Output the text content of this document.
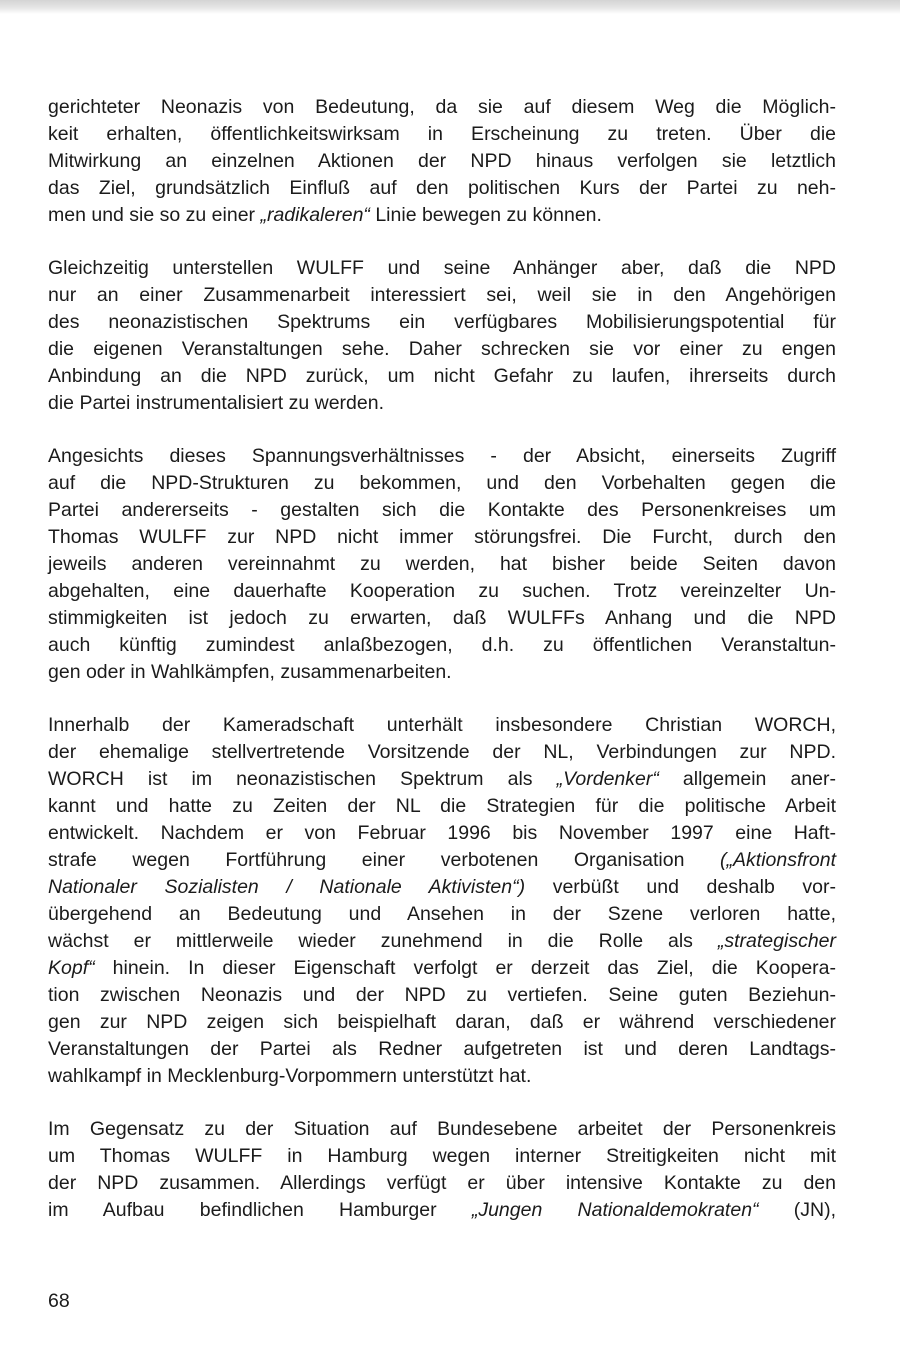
gerichteter Neonazis von Bedeutung, da sie auf diesem Weg die Möglich-
keit erhalten, öffentlichkeitswirksam in Erscheinung zu treten. Über die
Mitwirkung an einzelnen Aktionen der NPD hinaus verfolgen sie letztlich
das Ziel, grundsätzlich Einfluß auf den politischen Kurs der Partei zu neh-
men und sie so zu einer „radikaleren“ Linie bewegen zu können.
Gleichzeitig unterstellen WULFF und seine Anhänger aber, daß die NPD
nur an einer Zusammenarbeit interessiert sei, weil sie in den Angehörigen
des neonazistischen Spektrums ein verfügbares Mobilisierungspotential für
die eigenen Veranstaltungen sehe. Daher schrecken sie vor einer zu engen
Anbindung an die NPD zurück, um nicht Gefahr zu laufen, ihrerseits durch
die Partei instrumentalisiert zu werden.
Angesichts dieses Spannungsverhältnisses - der Absicht, einerseits Zugriff
auf die NPD-Strukturen zu bekommen, und den Vorbehalten gegen die
Partei andererseits - gestalten sich die Kontakte des Personenkreises um
Thomas WULFF zur NPD nicht immer störungsfrei. Die Furcht, durch den
jeweils anderen vereinnahmt zu werden, hat bisher beide Seiten davon
abgehalten, eine dauerhafte Kooperation zu suchen. Trotz vereinzelter Un-
stimmigkeiten ist jedoch zu erwarten, daß WULFFs Anhang und die NPD
auch künftig zumindest anlaßbezogen, d.h. zu öffentlichen Veranstaltun-
gen oder in Wahlkämpfen, zusammenarbeiten.
Innerhalb der Kameradschaft unterhält insbesondere Christian WORCH,
der ehemalige stellvertretende Vorsitzende der NL, Verbindungen zur NPD.
WORCH ist im neonazistischen Spektrum als „Vordenker“ allgemein aner-
kannt und hatte zu Zeiten der NL die Strategien für die politische Arbeit
entwickelt. Nachdem er von Februar 1996 bis November 1997 eine Haft-
strafe wegen Fortführung einer verbotenen Organisation („Aktionsfront
Nationaler Sozialisten / Nationale Aktivisten“) verbüßt und deshalb vor-
übergehend an Bedeutung und Ansehen in der Szene verloren hatte,
wächst er mittlerweile wieder zunehmend in die Rolle als „strategischer
Kopf“ hinein. In dieser Eigenschaft verfolgt er derzeit das Ziel, die Koopera-
tion zwischen Neonazis und der NPD zu vertiefen. Seine guten Beziehun-
gen zur NPD zeigen sich beispielhaft daran, daß er während verschiedener
Veranstaltungen der Partei als Redner aufgetreten ist und deren Landtags-
wahlkampf in Mecklenburg-Vorpommern unterstützt hat.
Im Gegensatz zu der Situation auf Bundesebene arbeitet der Personenkreis
um Thomas WULFF in Hamburg wegen interner Streitigkeiten nicht mit
der NPD zusammen. Allerdings verfügt er über intensive Kontakte zu den
im Aufbau befindlichen Hamburger „Jungen Nationaldemokraten“ (JN),
68
